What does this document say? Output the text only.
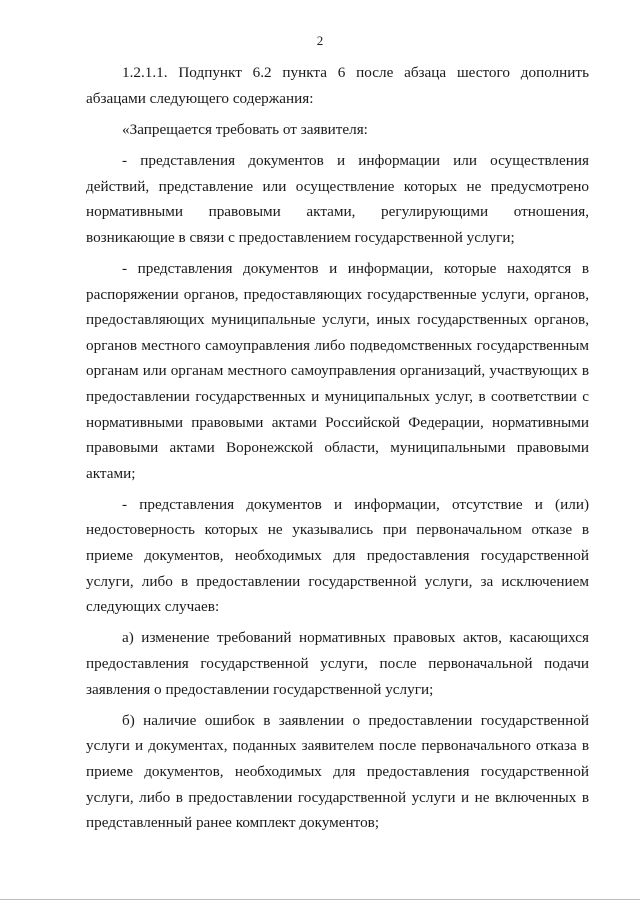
2

1.2.1.1. Подпункт 6.2 пункта 6 после абзаца шестого дополнить абзацами следующего содержания:

«Запрещается требовать от заявителя:

- представления документов и информации или осуществления действий, представление или осуществление которых не предусмотрено нормативными правовыми актами, регулирующими отношения, возникающие в связи с предоставлением государственной услуги;

- представления документов и информации, которые находятся в распоряжении органов, предоставляющих государственные услуги, органов, предоставляющих муниципальные услуги, иных государственных органов, органов местного самоуправления либо подведомственных государственным органам или органам местного самоуправления организаций, участвующих в предоставлении государственных и муниципальных услуг, в соответствии с нормативными правовыми актами Российской Федерации, нормативными правовыми актами Воронежской области, муниципальными правовыми актами;

- представления документов и информации, отсутствие и (или) недостоверность которых не указывались при первоначальном отказе в приеме документов, необходимых для предоставления государственной услуги, либо в предоставлении государственной услуги, за исключением следующих случаев:

а) изменение требований нормативных правовых актов, касающихся предоставления государственной услуги, после первоначальной подачи заявления о предоставлении государственной услуги;

б) наличие ошибок в заявлении о предоставлении государственной услуги и документах, поданных заявителем после первоначального отказа в приеме документов, необходимых для предоставления государственной услуги, либо в предоставлении государственной услуги и не включенных в представленный ранее комплект документов;
